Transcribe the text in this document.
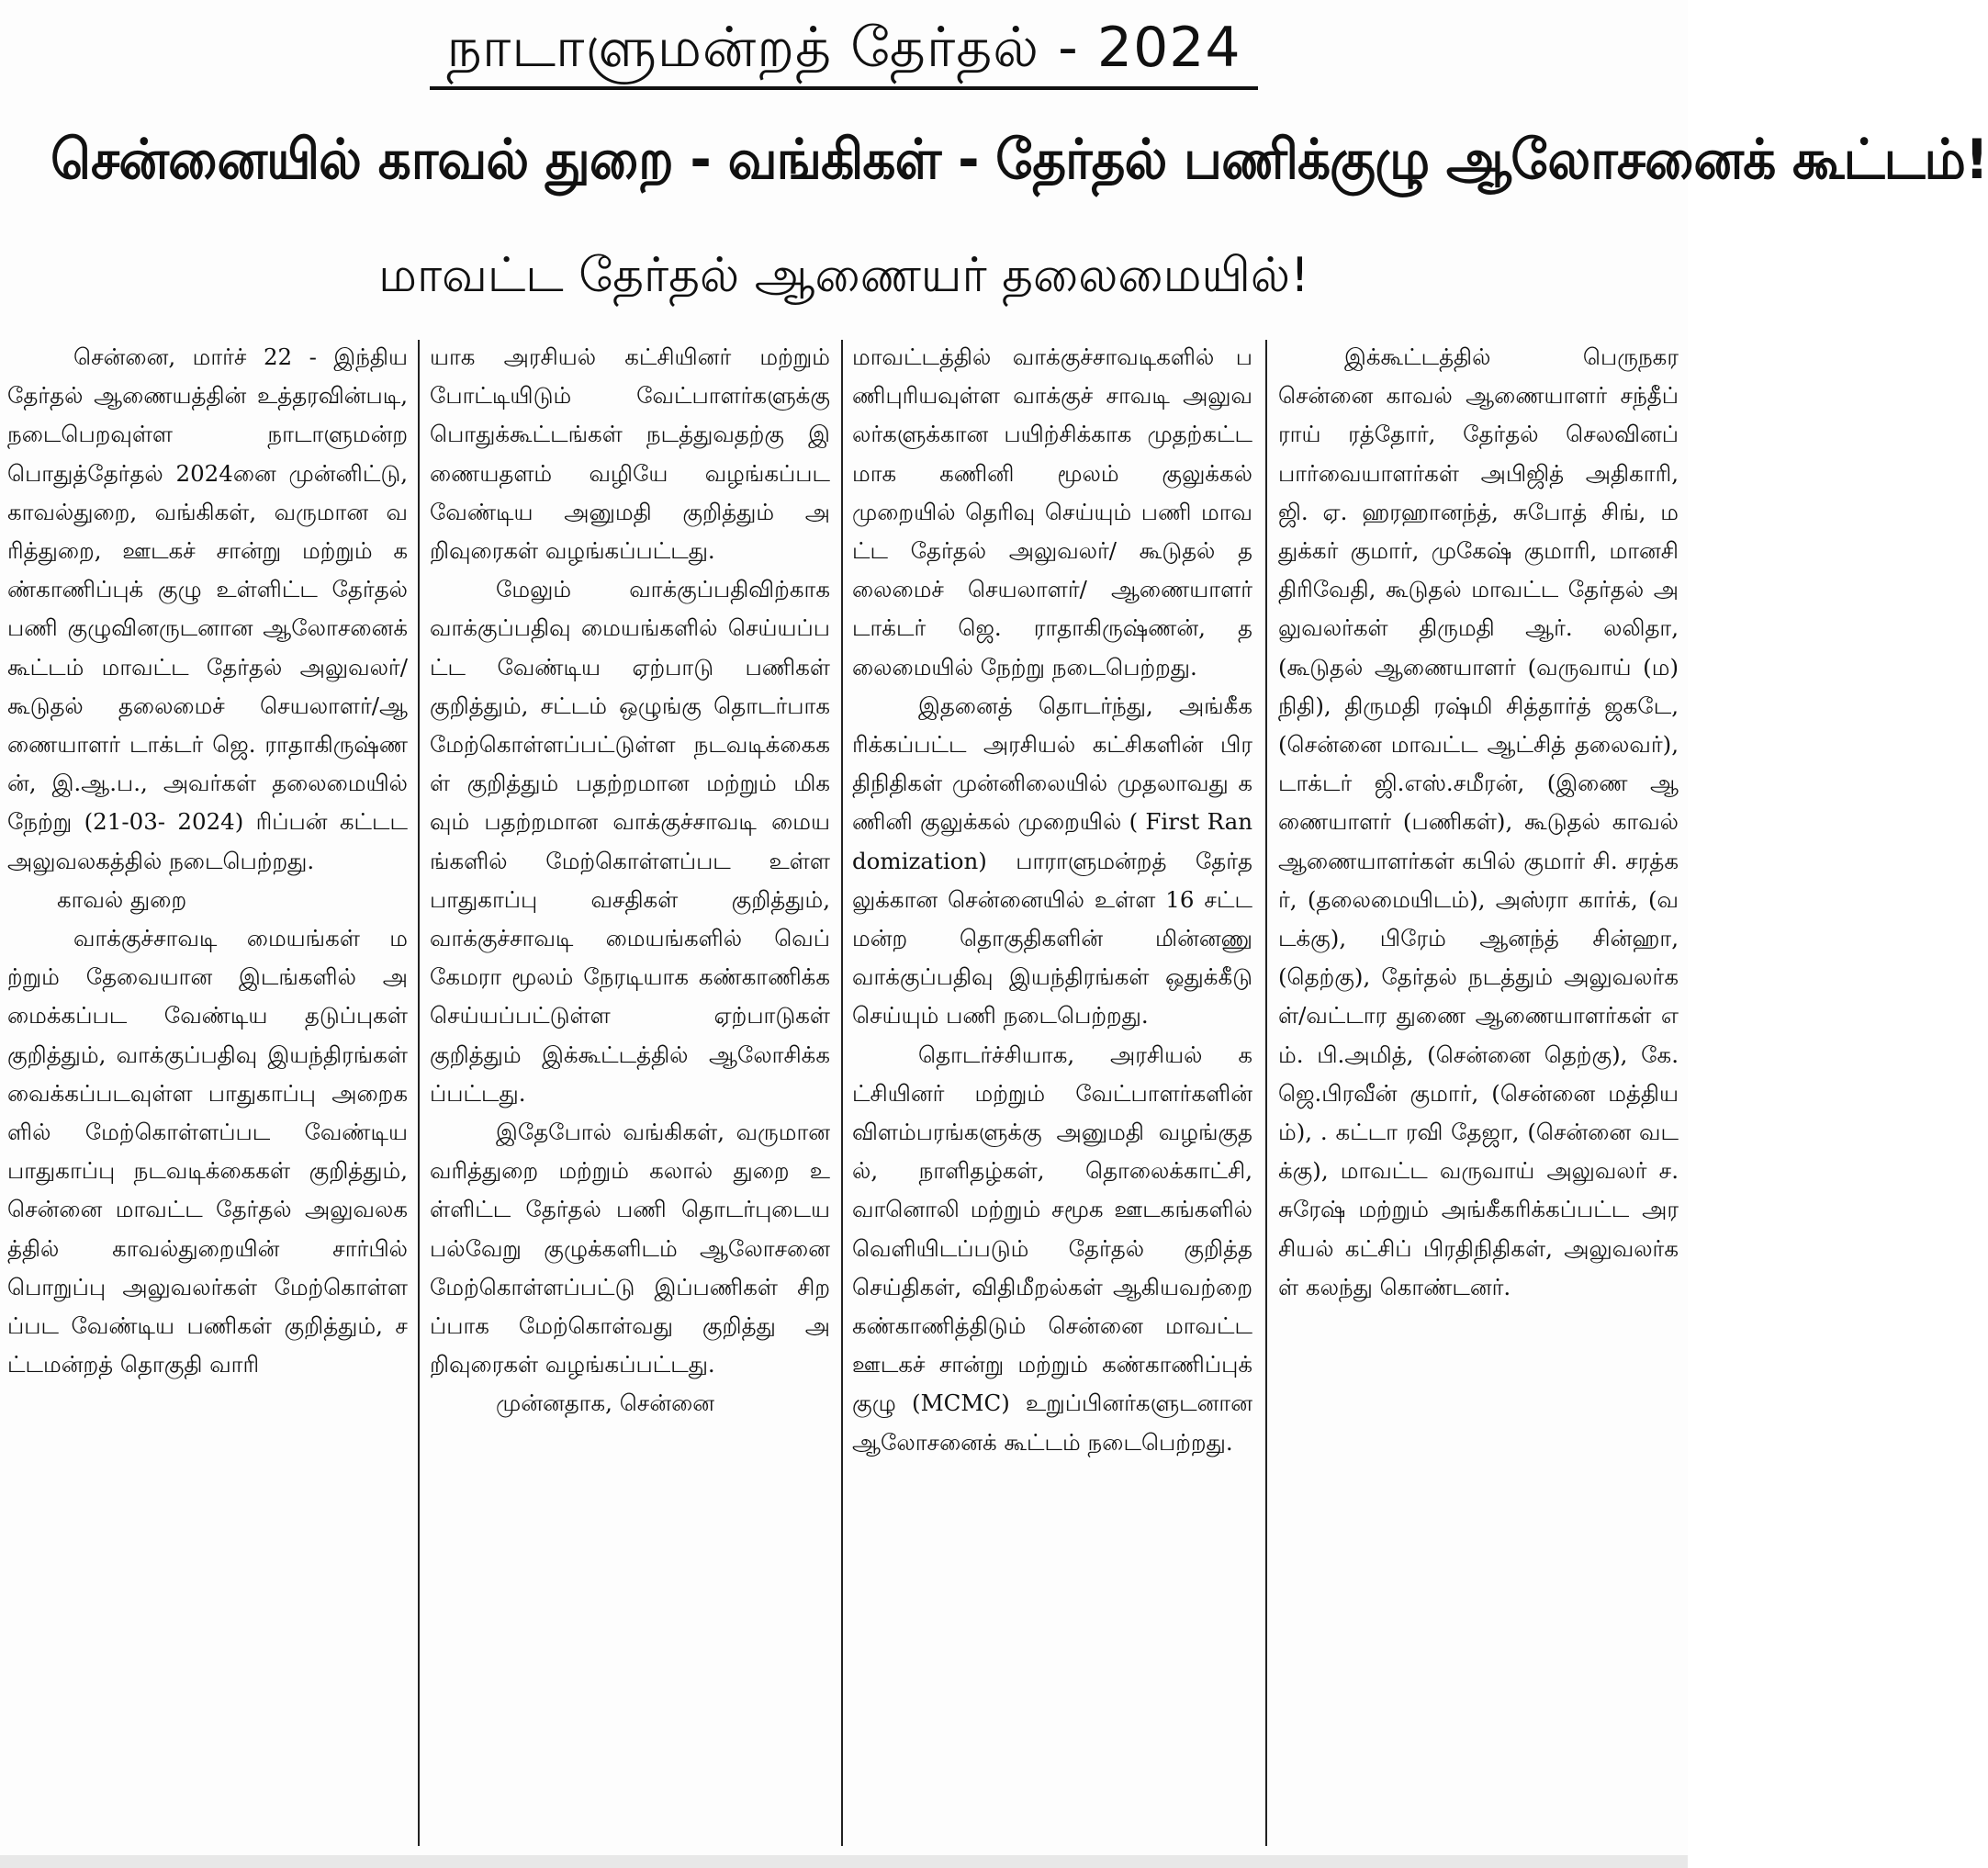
நாடாளுமன்றத் தேர்தல் - 2024
சென்னையில் காவல் துறை - வங்கிகள் - தேர்தல் பணிக்குழு ஆலோசனைக் கூட்டம்!
மாவட்ட தேர்தல் ஆணையர் தலைமையில்!

சென்னை, மார்ச் 22 - இந்திய தேர்தல் ஆணையத்தின் உத்தரவின்படி, நடைபெறவுள்ள நாடாளுமன்ற பொதுத்தேர்தல் 2024னை முன்னிட்டு, காவல்துறை, வங்கிகள், வருமான வரித்துறை, ஊடகச் சான்று மற்றும் கண்காணிப்புக் குழு உள்ளிட்ட தேர்தல் பணி குழுவினருடனான ஆலோசனைக் கூட்டம் மாவட்ட தேர்தல் அலுவலர்/கூடுதல் தலைமைச் செயலாளர்/ஆணையாளர் டாக்டர் ஜெ. ராதாகிருஷ்ணன், இ.ஆ.ப., அவர்கள் தலைமையில் நேற்று (21-03- 2024) ரிப்பன் கட்டட அலுவலகத்தில் நடைபெற்றது.

காவல் துறை

வாக்குச்சாவடி மையங்கள் மற்றும் தேவையான இடங்களில் அமைக்கப்பட வேண்டிய தடுப்புகள் குறித்தும், வாக்குப்பதிவு இயந்திரங்கள் வைக்கப்படவுள்ள பாதுகாப்பு அறைகளில் மேற்கொள்ளப்பட வேண்டிய பாதுகாப்பு நடவடிக்கைகள் குறித்தும், சென்னை மாவட்ட தேர்தல் அலுவலகத்தில் காவல்துறையின் சார்பில் பொறுப்பு அலுவலர்கள் மேற்கொள்ளப்பட வேண்டிய பணிகள் குறித்தும், சட்டமன்றத் தொகுதி வாரி

யாக அரசியல் கட்சியினர் மற்றும் போட்டியிடும் வேட்பாளர்களுக்கு பொதுக்கூட்டங்கள் நடத்துவதற்கு இணையதளம் வழியே வழங்கப்படவேண்டிய அனுமதி குறித்தும் அறிவுரைகள் வழங்கப்பட்டது.

மேலும் வாக்குப்பதிவிற்காக வாக்குப்பதிவு மையங்களில் செய்யப்பட்ட வேண்டிய ஏற்பாடு பணிகள் குறித்தும், சட்டம் ஒழுங்கு தொடர்பாக மேற்கொள்ளப்பட்டுள்ள நடவடிக்கைகள் குறித்தும் பதற்றமான மற்றும் மிகவும் பதற்றமான வாக்குச்சாவடி மையங்களில் மேற்கொள்ளப்பட உள்ள பாதுகாப்பு வசதிகள் குறித்தும், வாக்குச்சாவடி மையங்களில் வெப் கேமரா மூலம் நேரடியாக கண்காணிக்க செய்யப்பட்டுள்ள ஏற்பாடுகள் குறித்தும் இக்கூட்டத்தில் ஆலோசிக்கப்பட்டது.

இதேபோல் வங்கிகள், வருமான வரித்துறை மற்றும் கலால் துறை உள்ளிட்ட தேர்தல் பணி தொடர்புடைய பல்வேறு குழுக்களிடம் ஆலோசனை மேற்கொள்ளப்பட்டு இப்பணிகள் சிறப்பாக மேற்கொள்வது குறித்து அறிவுரைகள் வழங்கப்பட்டது.

முன்னதாக, சென்னை

மாவட்டத்தில் வாக்குச்சாவடிகளில் பணிபுரியவுள்ள வாக்குச் சாவடி அலுவலர்களுக்கான பயிற்சிக்காக முதற்கட்டமாக கணினி மூலம் குலுக்கல் முறையில் தெரிவு செய்யும் பணி மாவட்ட தேர்தல் அலுவலர்/ கூடுதல் தலைமைச் செயலாளர்/ ஆணையாளர் டாக்டர் ஜெ. ராதாகிருஷ்ணன், தலைமையில் நேற்று நடைபெற்றது.

இதனைத் தொடர்ந்து, அங்கீகரிக்கப்பட்ட அரசியல் கட்சிகளின் பிரதிநிதிகள் முன்னிலையில் முதலாவது கணினி குலுக்கல் முறையில் ( First Randomization) பாராளுமன்றத் தேர்தலுக்கான சென்னையில் உள்ள 16 சட்டமன்ற தொகுதிகளின் மின்னணு வாக்குப்பதிவு இயந்திரங்கள் ஒதுக்கீடு செய்யும் பணி நடைபெற்றது.

தொடர்ச்சியாக, அரசியல் கட்சியினர் மற்றும் வேட்பாளர்களின் விளம்பரங்களுக்கு அனுமதி வழங்குதல், நாளிதழ்கள், தொலைக்காட்சி, வானொலி மற்றும் சமூக ஊடகங்களில் வெளியிடப்படும் தேர்தல் குறித்த செய்திகள், விதிமீறல்கள் ஆகியவற்றை கண்காணித்திடும் சென்னை மாவட்ட ஊடகச் சான்று மற்றும் கண்காணிப்புக் குழு (MCMC) உறுப்பினர்களுடனான ஆலோசனைக் கூட்டம் நடைபெற்றது.

இக்கூட்டத்தில் பெருநகர சென்னை காவல் ஆணையாளர் சந்தீப் ராய் ரத்தோர், தேர்தல் செலவினப் பார்வையாளர்கள் அபிஜித் அதிகாரி, ஜி. ஏ. ஹரஹானந்த், சுபோத் சிங், மதுக்கர் குமார், முகேஷ் குமாரி, மானசி திரிவேதி, கூடுதல் மாவட்ட தேர்தல் அலுவலர்கள் திருமதி ஆர். லலிதா, (கூடுதல் ஆணையாளர் (வருவாய் (ம) நிதி), திருமதி ரஷ்மி சித்தார்த் ஜகடே, (சென்னை மாவட்ட ஆட்சித் தலைவர்), டாக்டர் ஜி.எஸ்.சமீரன், (இணை ஆணையாளர் (பணிகள்), கூடுதல் காவல் ஆணையாளர்கள் கபில் குமார் சி. சரத்கர், (தலைமையிடம்), அஸ்ரா கார்க், (வடக்கு), பிரேம் ஆனந்த் சின்ஹா, (தெற்கு), தேர்தல் நடத்தும் அலுவலர்கள்/வட்டார துணை ஆணையாளர்கள் எம். பி.அமித், (சென்னை தெற்கு), கே.ஜெ.பிரவீன் குமார், (சென்னை மத்தியம்), . கட்டா ரவி தேஜா, (சென்னை வடக்கு), மாவட்ட வருவாய் அலுவலர் ச.சுரேஷ் மற்றும் அங்கீகரிக்கப்பட்ட அரசியல் கட்சிப் பிரதிநிதிகள், அலுவலர்கள் கலந்து கொண்டனர்.
